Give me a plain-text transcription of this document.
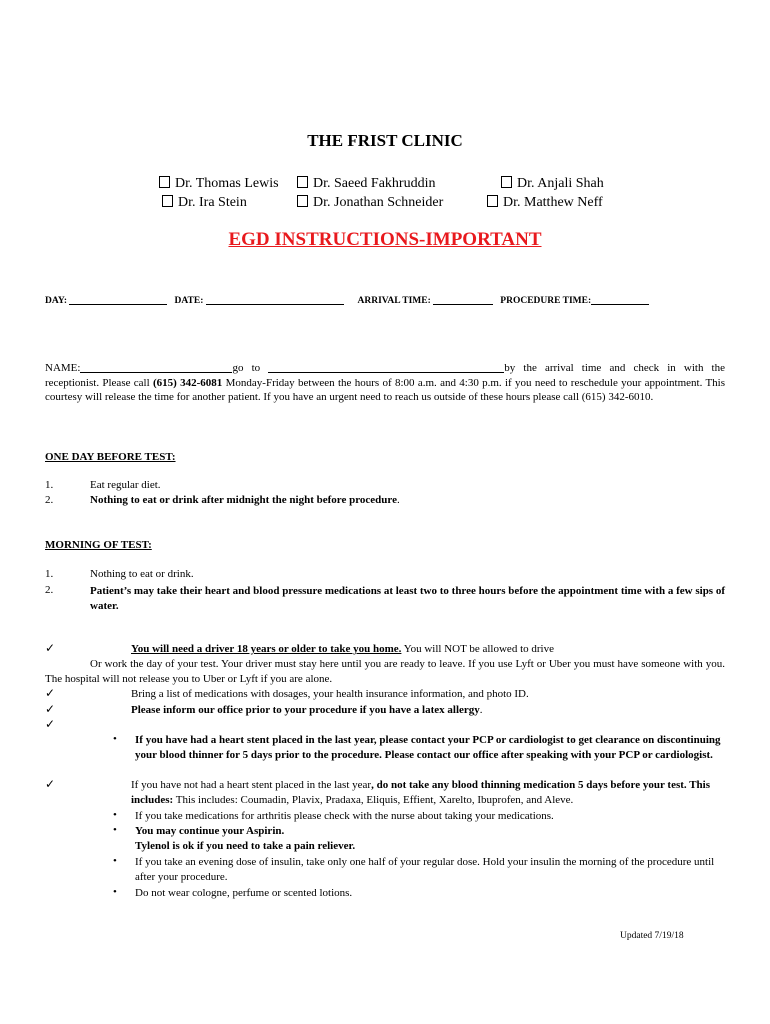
THE FRIST CLINIC
Dr. Thomas Lewis	Dr. Saeed Fakhruddin	Dr. Anjali Shah
Dr. Ira Stein	Dr. Jonathan Schneider	Dr. Matthew Neff
EGD INSTRUCTIONS-IMPORTANT
DAY:	DATE:	ARRIVAL TIME:	PROCEDURE TIME:
NAME:	go to	by the arrival time and check in with the receptionist. Please call (615) 342-6081 Monday-Friday between the hours of 8:00 a.m. and 4:30 p.m. if you need to reschedule your appointment. This courtesy will release the time for another patient. If you have an urgent need to reach us outside of these hours please call (615) 342-6010.
ONE DAY BEFORE TEST:
1.	Eat regular diet.
2.	Nothing to eat or drink after midnight the night before procedure.
MORNING OF TEST:
1.	Nothing to eat or drink.
2.	Patient’s may take their heart and blood pressure medications at least two to three hours before the appointment time with a few sips of water.
✓	You will need a driver 18 years or older to take you home. You will NOT be allowed to drive
Or work the day of your test. Your driver must stay here until you are ready to leave. If you use Lyft or Uber you must have someone with you. The hospital will not release you to Uber or Lyft if you are alone.
✓	Bring a list of medications with dosages, your health insurance information, and photo ID.
✓	Please inform our office prior to your procedure if you have a latex allergy.
✓
• If you have had a heart stent placed in the last year, please contact your PCP or cardiologist to get clearance on discontinuing your blood thinner for 5 days prior to the procedure. Please contact our office after speaking with your PCP or cardiologist.
✓	If you have not had a heart stent placed in the last year, do not take any blood thinning medication 5 days before your test. This includes: This includes: Coumadin, Plavix, Pradaxa, Eliquis, Effient, Xarelto, Ibuprofen, and Aleve.
• If you take medications for arthritis please check with the nurse about taking your medications.
• You may continue your Aspirin.
Tylenol is ok if you need to take a pain reliever.
• If you take an evening dose of insulin, take only one half of your regular dose. Hold your insulin the morning of the procedure until after your procedure.
• Do not wear cologne, perfume or scented lotions.
Updated 7/19/18
